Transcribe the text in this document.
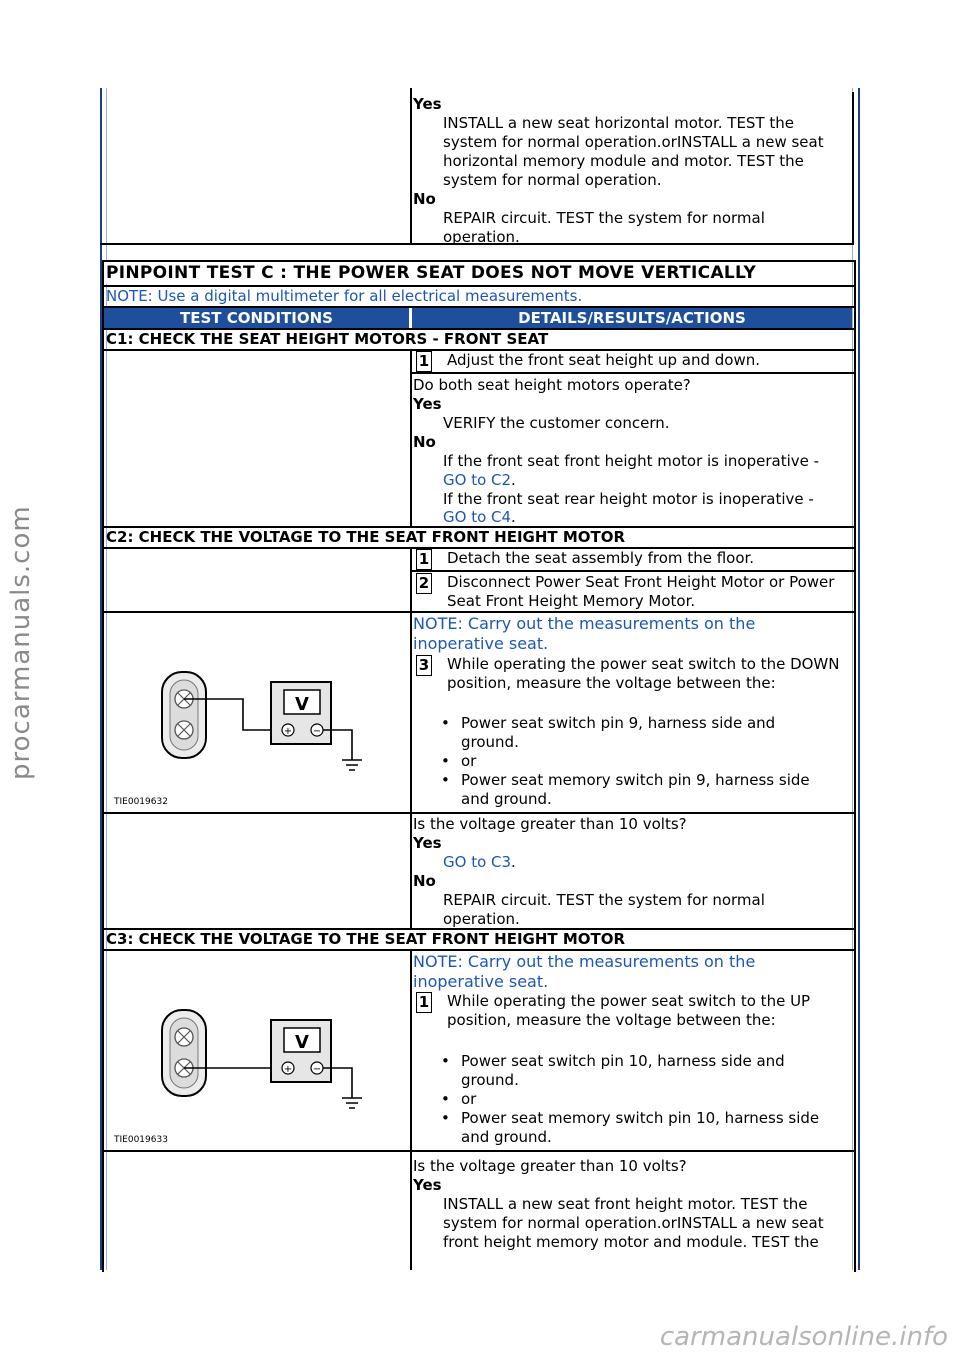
Yes
INSTALL a new seat horizontal motor. TEST the
system for normal operation.orINSTALL a new seat
horizontal memory module and motor. TEST the
system for normal operation.
No
REPAIR circuit. TEST the system for normal
operation.
PINPOINT TEST C : THE POWER SEAT DOES NOT MOVE VERTICALLY
NOTE: Use a digital multimeter for all electrical measurements.
TEST CONDITIONS	DETAILS/RESULTS/ACTIONS
C1: CHECK THE SEAT HEIGHT MOTORS - FRONT SEAT
1 Adjust the front seat height up and down.
Do both seat height motors operate?
Yes
VERIFY the customer concern.
No
If the front seat front height motor is inoperative -
GO to C2.
If the front seat rear height motor is inoperative -
GO to C4.
C2: CHECK THE VOLTAGE TO THE SEAT FRONT HEIGHT MOTOR
1 Detach the seat assembly from the floor.
2 Disconnect Power Seat Front Height Motor or Power
Seat Front Height Memory Motor.
NOTE: Carry out the measurements on the
inoperative seat.
3 While operating the power seat switch to the DOWN
position, measure the voltage between the:
• Power seat switch pin 9, harness side and
ground.
• or
• Power seat memory switch pin 9, harness side
and ground.
V
+ −
TIE0019632
Is the voltage greater than 10 volts?
Yes
GO to C3.
No
REPAIR circuit. TEST the system for normal
operation.
C3: CHECK THE VOLTAGE TO THE SEAT FRONT HEIGHT MOTOR
NOTE: Carry out the measurements on the
inoperative seat.
1 While operating the power seat switch to the UP
position, measure the voltage between the:
• Power seat switch pin 10, harness side and
ground.
• or
• Power seat memory switch pin 10, harness side
and ground.
V
+ −
TIE0019633
Is the voltage greater than 10 volts?
Yes
INSTALL a new seat front height motor. TEST the
system for normal operation.orINSTALL a new seat
front height memory motor and module. TEST the
procarmanuals.com
carmanualsonline.info
